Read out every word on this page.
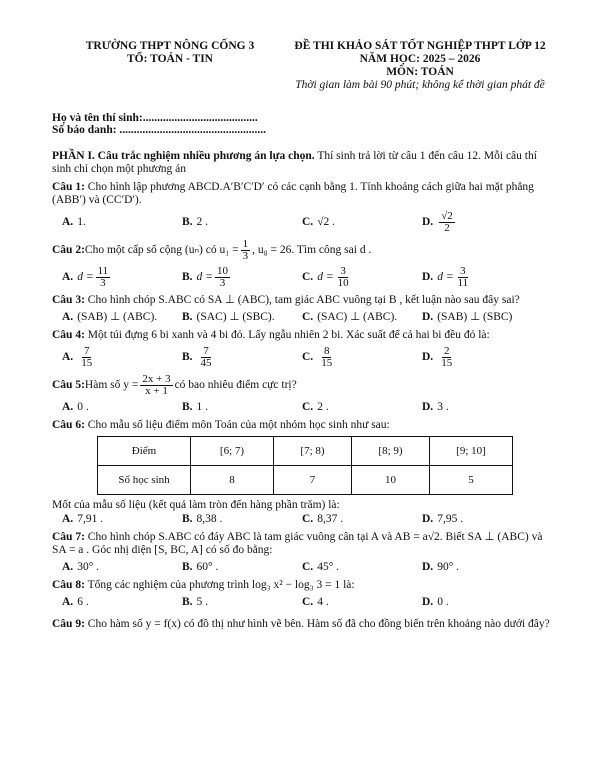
TRƯỜNG THPT NÔNG CỐNG 3
TỔ: TOÁN - TIN
ĐỀ THI KHẢO SÁT TỐT NGHIỆP THPT LỚP 12
NĂM HỌC: 2025 – 2026
MÔN: TOÁN
Thời gian làm bài 90 phút; không kể thời gian phát đề
Họ và tên thí sinh:........................................
Số báo danh: ...................................................
PHẦN I. Câu trắc nghiệm nhiều phương án lựa chọn. Thí sinh trả lời từ câu 1 đến câu 12. Mỗi câu thí sinh chỉ chọn một phương án
Câu 1: Cho hình lập phương ABCD.A′B′C′D′ có các cạnh bằng 1. Tính khoảng cách giữa hai mặt phẳng (ABB′) và (CC′D′).
A. 1.	B. 2 .	C. √2 .	D. $\frac{√2}{2}$
Câu 2: Cho một cấp số cộng (uₙ) có $u_1 = \frac{1}{3}$ , u₈ = 26. Tìm công sai d .
A. $d = \frac{11}{3}$	B. $d = \frac{10}{3}$	C. $d = \frac{3}{10}$	D. $d = \frac{3}{11}$
Câu 3: Cho hình chóp S.ABC có SA ⊥ (ABC), tam giác ABC vuông tại B , kết luận nào sau đây sai?
A. (SAB) ⊥ (ABC). B. (SAC) ⊥ (SBC). C. (SAC) ⊥ (ABC). D. (SAB) ⊥ (SBC)
Câu 4: Một túi đựng 6 bi xanh và 4 bi đỏ. Lấy ngẫu nhiên 2 bi. Xác suất để cả hai bi đều đỏ là:
A. $\frac{7}{15}$	B. $\frac{7}{45}$	C. $\frac{8}{15}$	D. $\frac{2}{15}$
Câu 5: Hàm số $y = \frac{2x + 3}{x + 1}$ có bao nhiêu điểm cực trị?
A. 0 .	B. 1 .	C. 2 .	D. 3 .
Câu 6: Cho mẫu số liệu điểm môn Toán của một nhóm học sinh như sau:
Điểm	[6; 7)	[7; 8)	[8; 9)	[9; 10]
Số học sinh	8	7	10	5
Mốt của mẫu số liệu (kết quả làm tròn đến hàng phần trăm) là:
A. 7,91 .	B. 8,38 .	C. 8,37 .	D. 7,95 .
Câu 7: Cho hình chóp S.ABC có đáy ABC là tam giác vuông cân tại A và AB = a√2. Biết SA ⊥ (ABC) và SA = a . Góc nhị diện [S, BC, A] có số đo bằng:
A. 30° .	B. 60° .	C. 45° .	D. 90° .
Câu 8: Tổng các nghiệm của phương trình log₃ x² − log₃ 3 = 1 là:
A. 6 .	B. 5 .	C. 4 .	D. 0 .
Câu 9: Cho hàm số y = f(x) có đồ thị như hình vẽ bên. Hàm số đã cho đồng biến trên khoảng nào dưới đây?
